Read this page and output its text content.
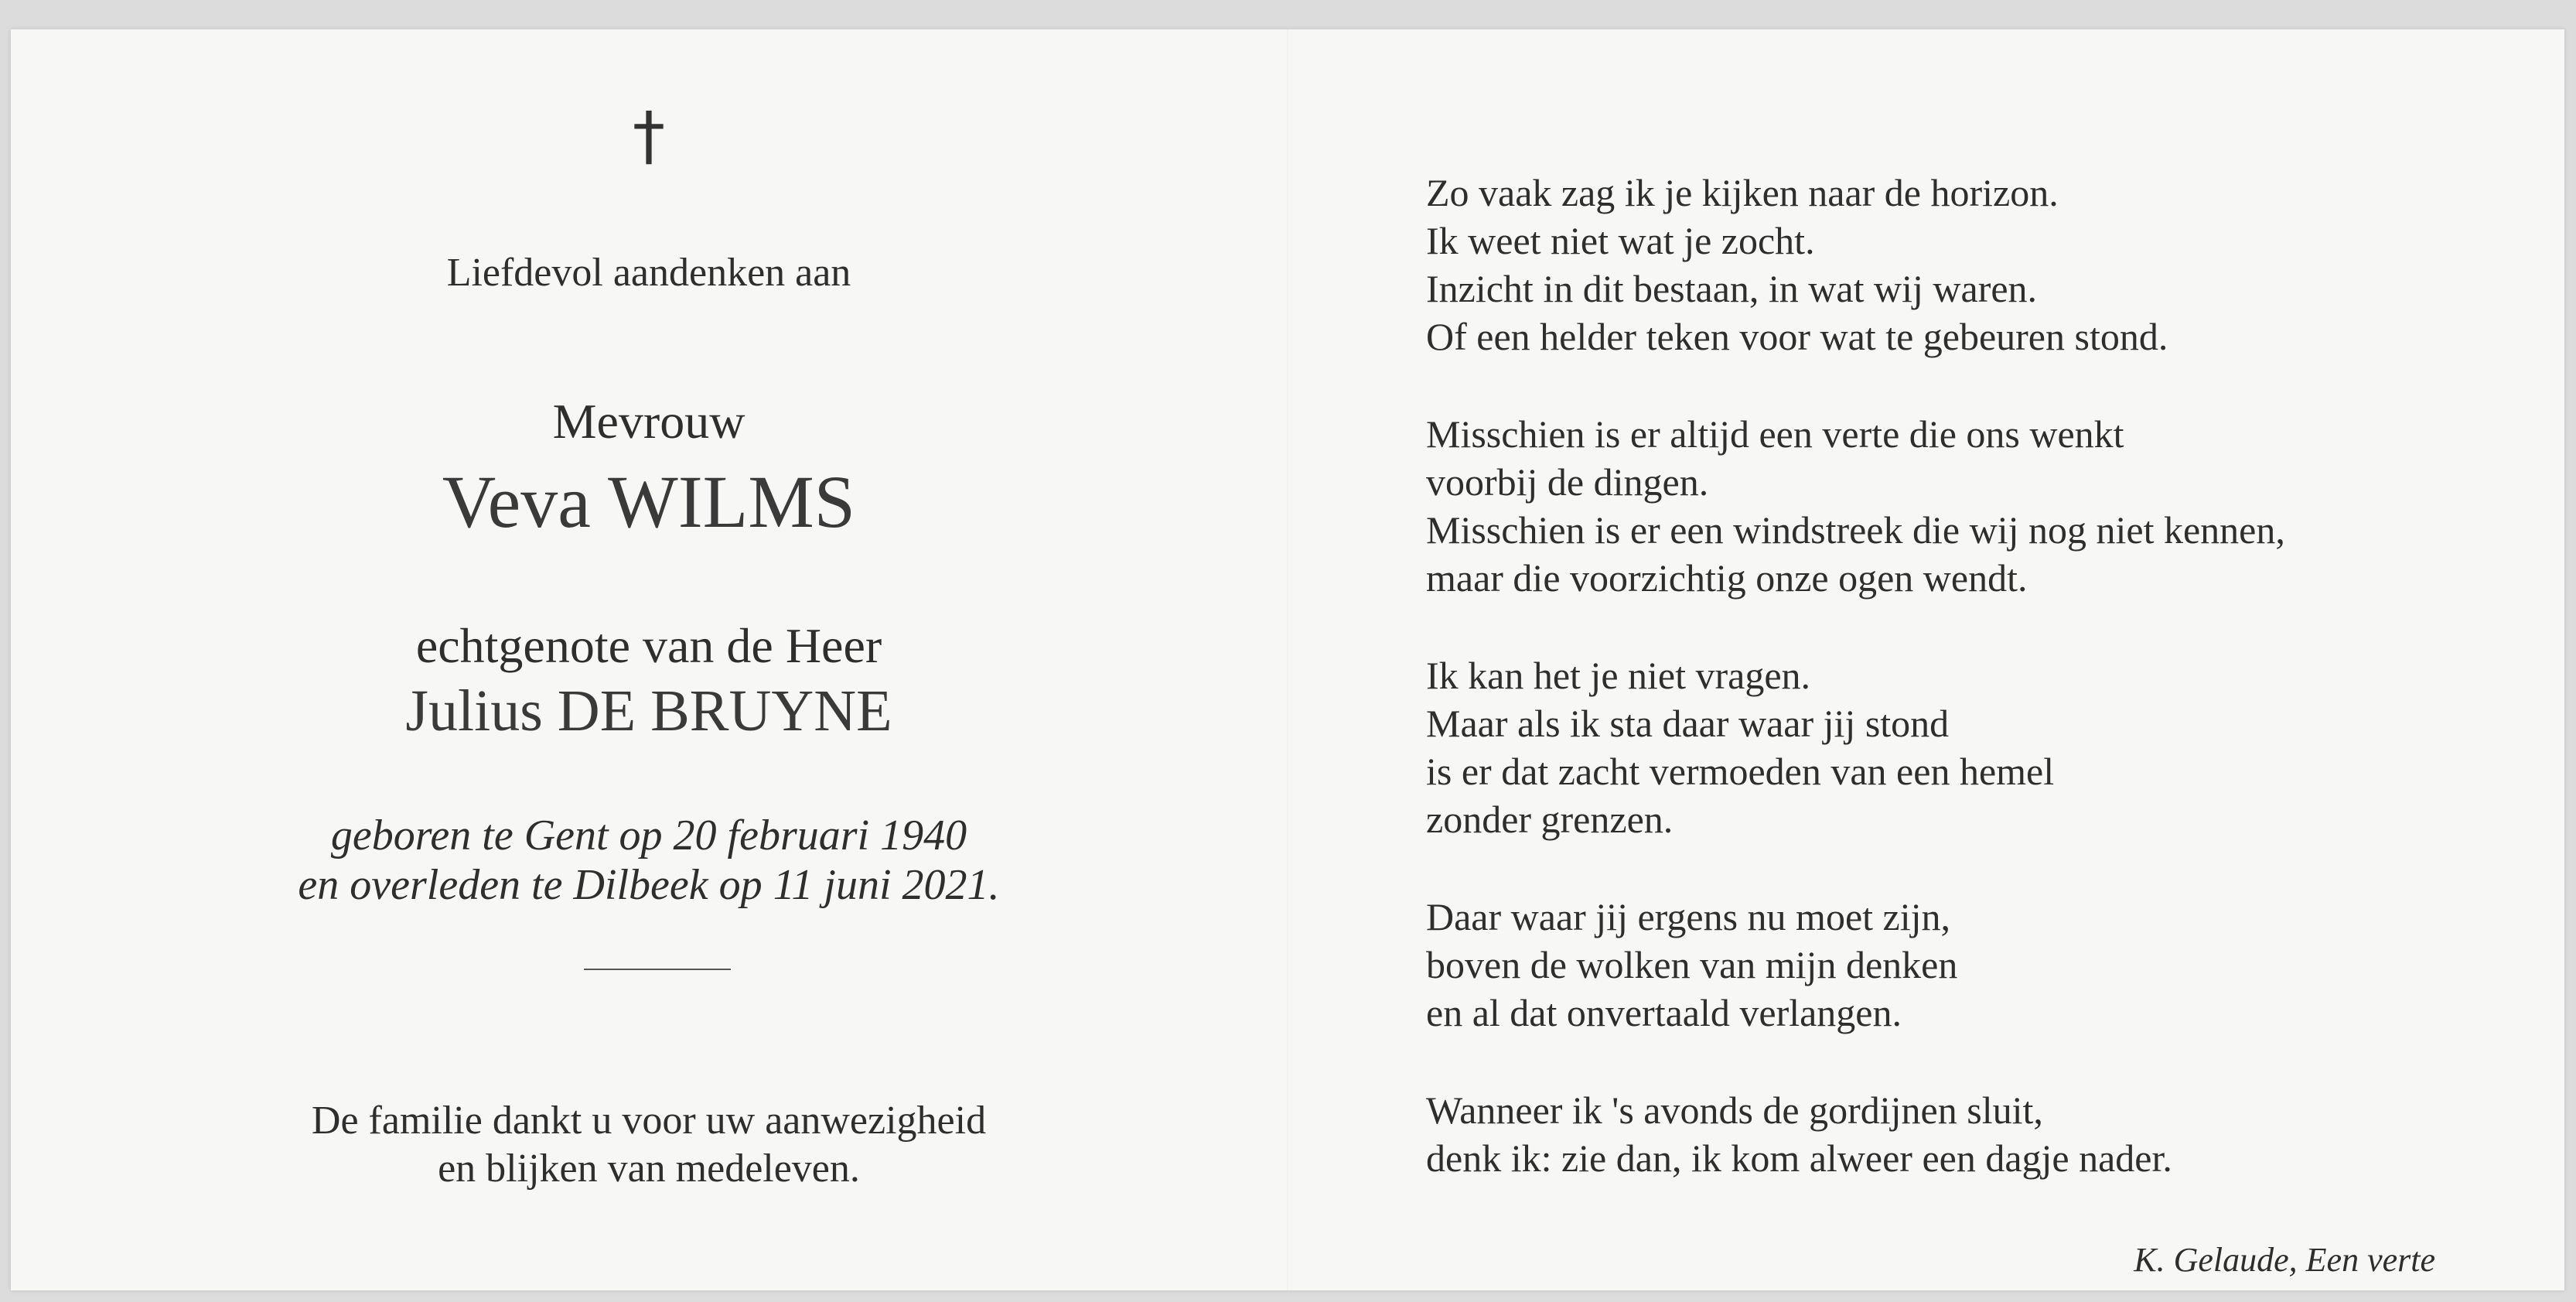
†
Liefdevol aandenken aan
Mevrouw
Veva WILMS
echtgenote van de Heer
Julius DE BRUYNE
geboren te Gent op 20 februari 1940
en overleden te Dilbeek op 11 juni 2021.
De familie dankt u voor uw aanwezigheid
en blijken van medeleven.
Zo vaak zag ik je kijken naar de horizon.
Ik weet niet wat je zocht.
Inzicht in dit bestaan, in wat wij waren.
Of een helder teken voor wat te gebeuren stond.
Misschien is er altijd een verte die ons wenkt
voorbij de dingen.
Misschien is er een windstreek die wij nog niet kennen,
maar die voorzichtig onze ogen wendt.
Ik kan het je niet vragen.
Maar als ik sta daar waar jij stond
is er dat zacht vermoeden van een hemel
zonder grenzen.
Daar waar jij ergens nu moet zijn,
boven de wolken van mijn denken
en al dat onvertaald verlangen.
Wanneer ik 's avonds de gordijnen sluit,
denk ik: zie dan, ik kom alweer een dagje nader.
K. Gelaude, Een verte
